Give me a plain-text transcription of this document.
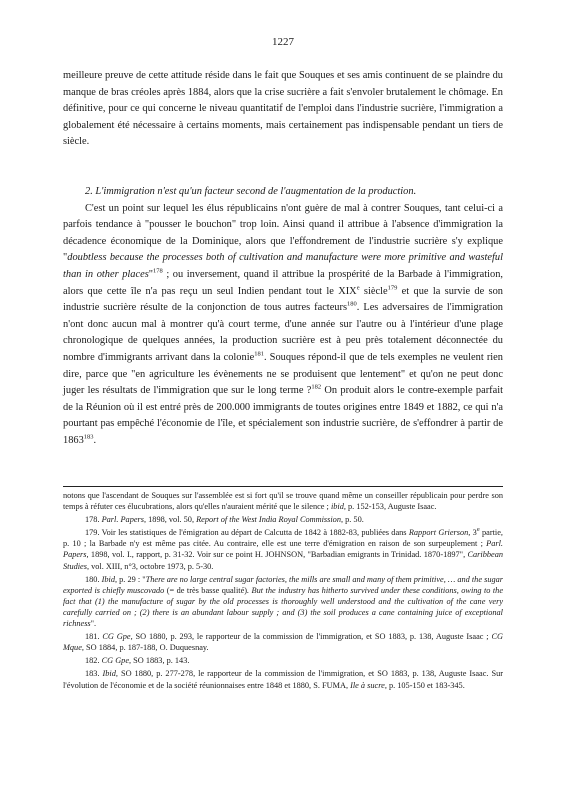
1227

meilleure preuve de cette attitude réside dans le fait que Souques et ses amis continuent de se plaindre du manque de bras créoles après 1884, alors que la crise sucrière a fait s'envoler brutalement le chômage. En définitive, pour ce qui concerne le niveau quantitatif de l'emploi dans l'industrie sucrière, l'immigration a globalement été nécessaire à certains moments, mais certainement pas indispensable pendant un tiers de siècle.

2. L'immigration n'est qu'un facteur second de l'augmentation de la production.

C'est un point sur lequel les élus républicains n'ont guère de mal à contrer Souques, tant celui-ci a parfois tendance à "pousser le bouchon" trop loin. Ainsi quand il attribue à l'absence d'immigration la décadence économique de la Dominique, alors que l'effondrement de l'industrie sucrière s'y explique "doubtless because the processes both of cultivation and manufacture were more primitive and wasteful than in other places"$^{178}$ ; ou inversement, quand il attribue la prospérité de la Barbade à l'immigration, alors que cette île n'a pas reçu un seul Indien pendant tout le XIXe siècle$^{179}$ et que la survie de son industrie sucrière résulte de la conjonction de tous autres facteurs$^{180}$. Les adversaires de l'immigration n'ont donc aucun mal à montrer qu'à court terme, d'une année sur l'autre ou à l'intérieur d'une plage chronologique de quelques années, la production sucrière est à peu près totalement déconnectée du nombre d'immigrants arrivant dans la colonie$^{181}$. Souques répond-il que de tels exemples ne veulent rien dire, parce que "en agriculture les évènements ne se produisent que lentement" et qu'on ne peut donc juger les résultats de l'immigration que sur le long terme ?$^{182}$ On produit alors le contre-exemple parfait de la Réunion où il est entré près de 200.000 immigrants de toutes origines entre 1849 et 1882, ce qui n'a pourtant pas empêché l'économie de l'île, et spécialement son industrie sucrière, de s'effondrer à partir de 1863$^{183}$.

notons que l'ascendant de Souques sur l'assemblée est si fort qu'il se trouve quand même un conseiller républicain pour perdre son temps à réfuter ces élucubrations, alors qu'elles n'auraient mérité que le silence ; ibid, p. 152-153, Auguste Isaac.

178. Parl. Papers, 1898, vol. 50, Report of the West India Royal Commission, p. 50.

179. Voir les statistiques de l'émigration au départ de Calcutta de 1842 à 1882-83, publiées dans Rapport Grierson, 3e partie, p. 10 ; la Barbade n'y est même pas citée. Au contraire, elle est une terre d'émigration en raison de son surpeuplement ; Parl. Papers, 1898, vol. I., rapport, p. 31-32. Voir sur ce point H. JOHNSON, "Barbadian emigrants in Trinidad. 1870-1897", Caribbean Studies, vol. XIII, n°3, octobre 1973, p. 5-30.

180. Ibid, p. 29 : "There are no large central sugar factories, the mills are small and many of them primitive, … and the sugar exported is chiefly muscovado (= de très basse qualité). But the industry has hitherto survived under these conditions, owing to the fact that (1) the manufacture of sugar by the old processes is thoroughly well understood and the cultivation of the cane very carefully carried on ; (2) there is an abundant labour supply ; and (3) the soil produces a cane containing juice of exceptional richness".

181. CG Gpe, SO 1880, p. 293, le rapporteur de la commission de l'immigration, et SO 1883, p. 138, Auguste Isaac ; CG Mque, SO 1884, p. 187-188, O. Duquesnay.

182. CG Gpe, SO 1883, p. 143.

183. Ibid, SO 1880, p. 277-278, le rapporteur de la commission de l'immigration, et SO 1883, p. 138, Auguste Isaac. Sur l'évolution de l'économie et de la société réunionnaises entre 1848 et 1880, S. FUMA, Ile à sucre, p. 105-150 et 183-345.
